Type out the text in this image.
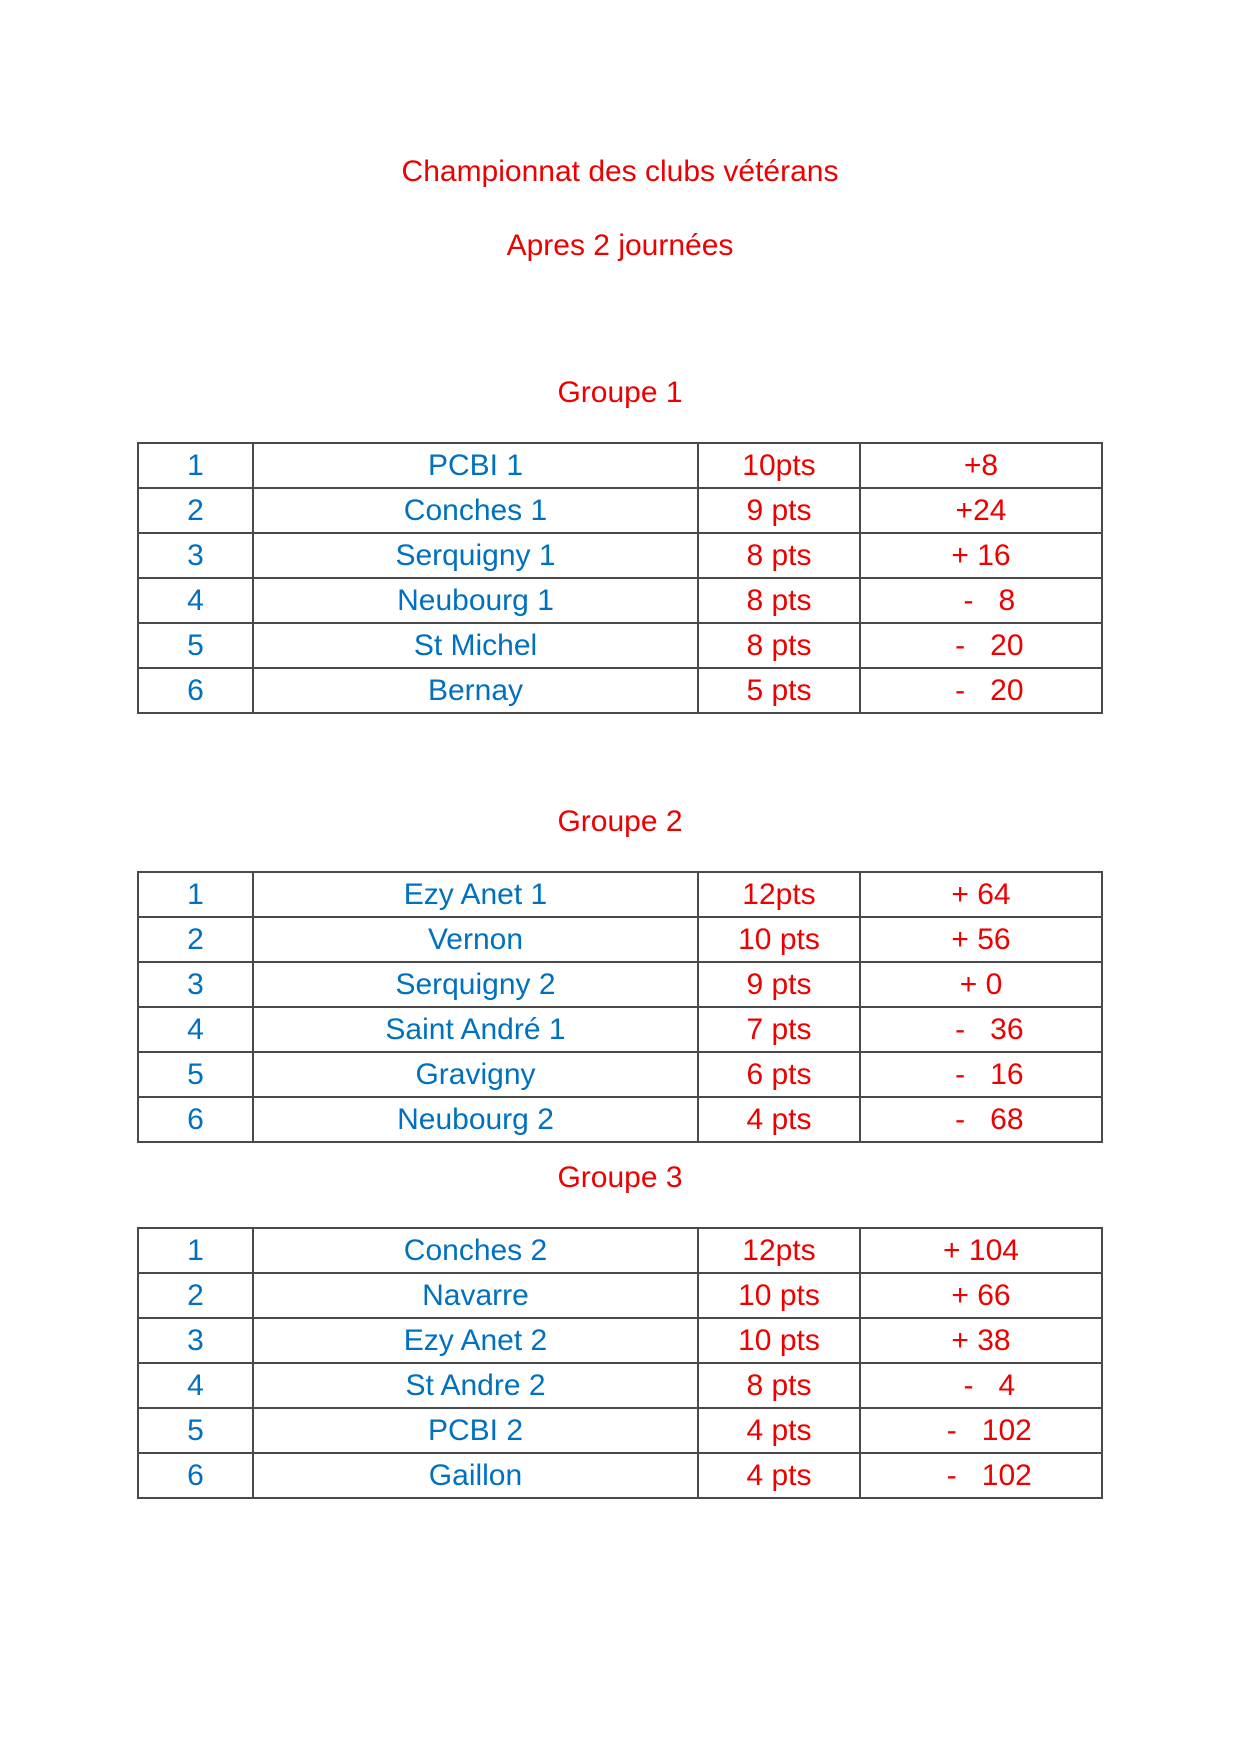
Championnat des clubs vétérans
Apres 2 journées
Groupe 1
1	PCBI 1	10pts	+8
2	Conches 1	9 pts	+24
3	Serquigny 1	8 pts	+ 16
4	Neubourg 1	8 pts	-   8
5	St Michel	8 pts	-   20
6	Bernay	5 pts	-   20
Groupe 2
1	Ezy Anet 1	12pts	+ 64
2	Vernon	10 pts	+ 56
3	Serquigny 2	9 pts	+ 0
4	Saint André 1	7 pts	-   36
5	Gravigny	6 pts	-   16
6	Neubourg 2	4 pts	-   68
Groupe 3
1	Conches 2	12pts	+ 104
2	Navarre	10 pts	+ 66
3	Ezy Anet 2	10 pts	+ 38
4	St Andre 2	8 pts	-   4
5	PCBI 2	4 pts	-   102
6	Gaillon	4 pts	-   102
